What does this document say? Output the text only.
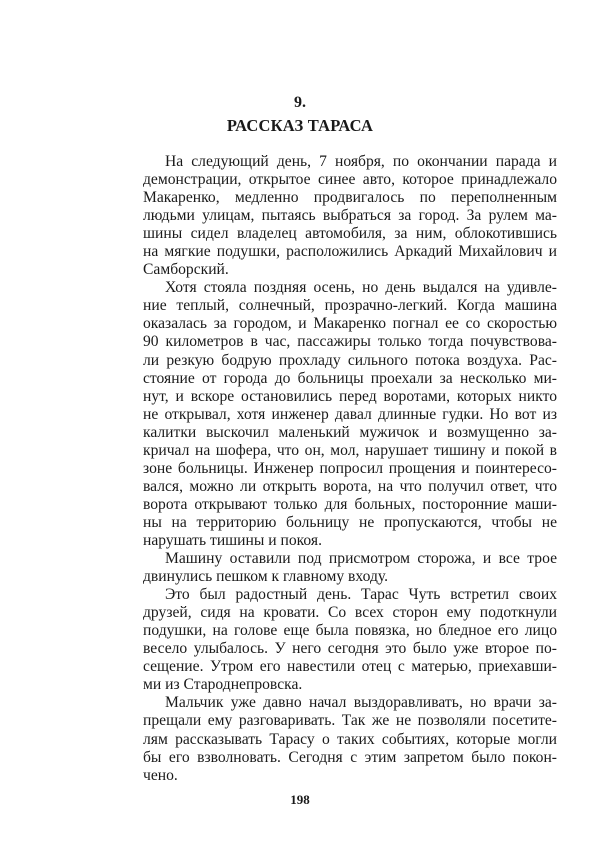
9.
РАССКАЗ ТАРАСА
На следующий день, 7 ноября, по окончании парада и
демонстрации, открытое синее авто, которое принадлежало
Макаренко, медленно продвигалось по переполненным
людьми улицам, пытаясь выбраться за город. За рулем ма-
шины сидел владелец автомобиля, за ним, облокотившись
на мягкие подушки, расположились Аркадий Михайлович и
Самборский.
Хотя стояла поздняя осень, но день выдался на удивле-
ние теплый, солнечный, прозрачно-легкий. Когда машина
оказалась за городом, и Макаренко погнал ее со скоростью
90 километров в час, пассажиры только тогда почувствова-
ли резкую бодрую прохладу сильного потока воздуха. Рас-
стояние от города до больницы проехали за несколько ми-
нут, и вскоре остановились перед воротами, которых никто
не открывал, хотя инженер давал длинные гудки. Но вот из
калитки выскочил маленький мужичок и возмущенно за-
кричал на шофера, что он, мол, нарушает тишину и покой в
зоне больницы. Инженер попросил прощения и поинтересо-
вался, можно ли открыть ворота, на что получил ответ, что
ворота открывают только для больных, посторонние маши-
ны на территорию больницу не пропускаются, чтобы не
нарушать тишины и покоя.
Машину оставили под присмотром сторожа, и все трое
двинулись пешком к главному входу.
Это был радостный день. Тарас Чуть встретил своих
друзей, сидя на кровати. Со всех сторон ему подоткнули
подушки, на голове еще была повязка, но бледное его лицо
весело улыбалось. У него сегодня это было уже второе по-
сещение. Утром его навестили отец с матерью, приехавши-
ми из Староднепровска.
Мальчик уже давно начал выздоравливать, но врачи за-
прещали ему разговаривать. Так же не позволяли посетите-
лям рассказывать Тарасу о таких событиях, которые могли
бы его взволновать. Сегодня с этим запретом было покон-
чено.
198
